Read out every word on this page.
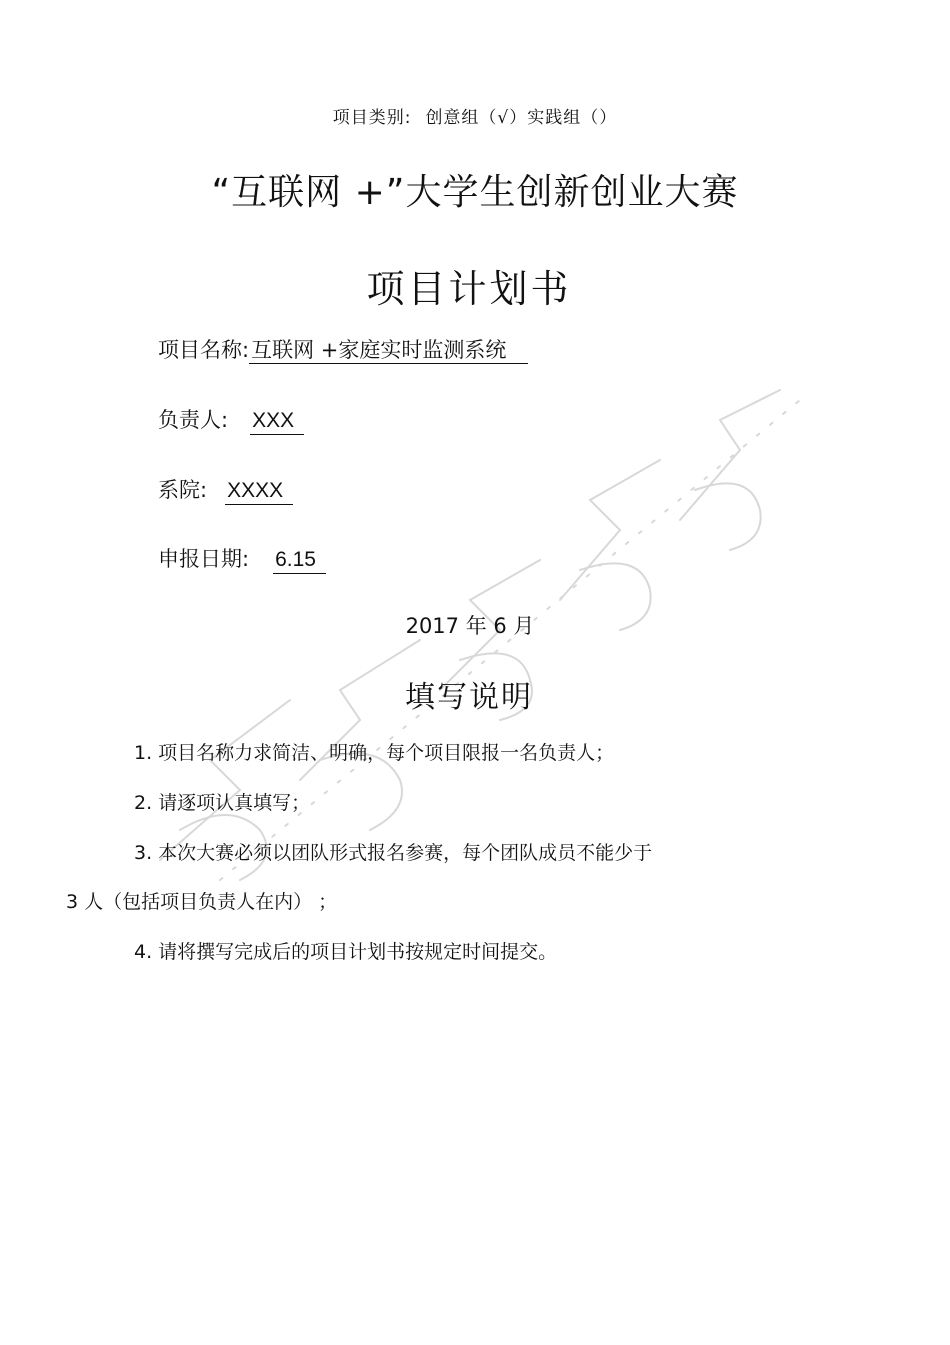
项目类别: 创意组（√）实践组（）
“互联网 +”大学生创新创业大赛
项目计划书
项目名称:互联网 +家庭实时监测系统
负责人: XXX
系院: XXXX
申报日期: 6.15
2017 年 6 月
填写说明
1. 项目名称力求简洁、明确，每个项目限报一名负责人；
2. 请逐项认真填写；
3. 本次大赛必须以团队形式报名参赛，每个团队成员不能少于
3 人（包括项目负责人在内） ；
4. 请将撰写完成后的项目计划书按规定时间提交。
